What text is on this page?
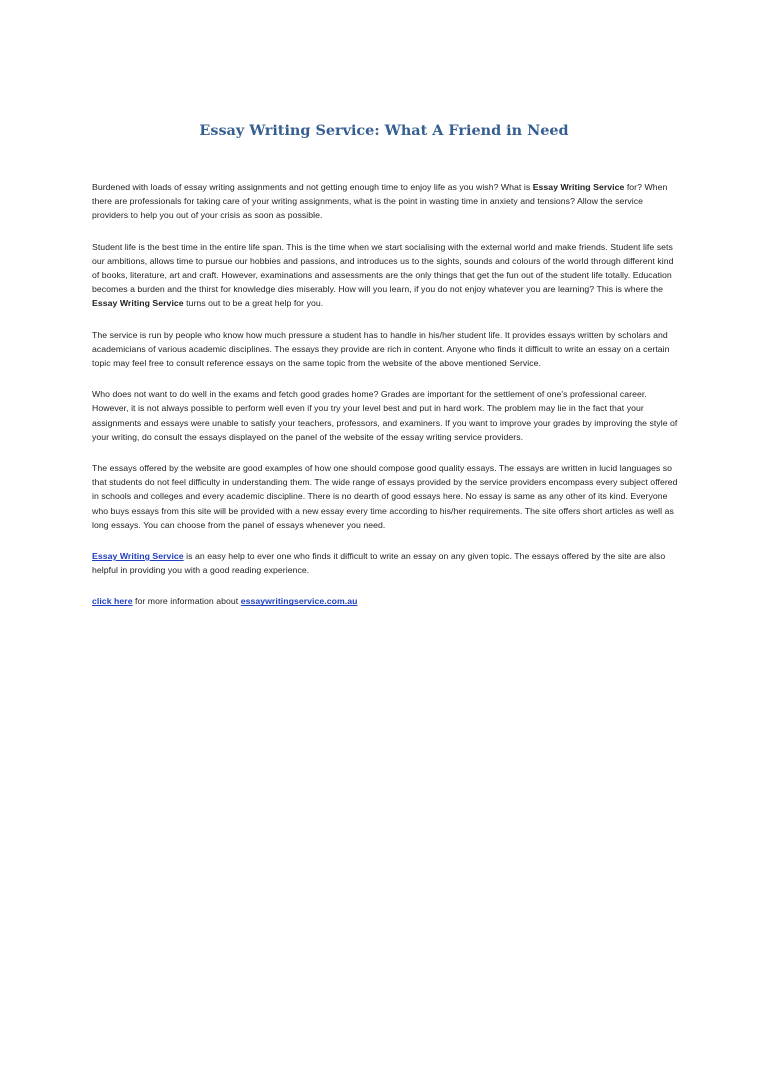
Essay Writing Service: What A Friend in Need

Burdened with loads of essay writing assignments and not getting enough time to enjoy life as you wish? What is Essay Writing Service for? When there are professionals for taking care of your writing assignments, what is the point in wasting time in anxiety and tensions? Allow the service providers to help you out of your crisis as soon as possible.

Student life is the best time in the entire life span. This is the time when we start socialising with the external world and make friends. Student life sets our ambitions, allows time to pursue our hobbies and passions, and introduces us to the sights, sounds and colours of the world through different kind of books, literature, art and craft. However, examinations and assessments are the only things that get the fun out of the student life totally. Education becomes a burden and the thirst for knowledge dies miserably. How will you learn, if you do not enjoy whatever you are learning? This is where the Essay Writing Service turns out to be a great help for you.

The service is run by people who know how much pressure a student has to handle in his/her student life. It provides essays written by scholars and academicians of various academic disciplines. The essays they provide are rich in content. Anyone who finds it difficult to write an essay on a certain topic may feel free to consult reference essays on the same topic from the website of the above mentioned Service.

Who does not want to do well in the exams and fetch good grades home? Grades are important for the settlement of one's professional career. However, it is not always possible to perform well even if you try your level best and put in hard work. The problem may lie in the fact that your assignments and essays were unable to satisfy your teachers, professors, and examiners. If you want to improve your grades by improving the style of your writing, do consult the essays displayed on the panel of the website of the essay writing service providers.

The essays offered by the website are good examples of how one should compose good quality essays. The essays are written in lucid languages so that students do not feel difficulty in understanding them. The wide range of essays provided by the service providers encompass every subject offered in schools and colleges and every academic discipline. There is no dearth of good essays here. No essay is same as any other of its kind. Everyone who buys essays from this site will be provided with a new essay every time according to his/her requirements. The site offers short articles as well as long essays. You can choose from the panel of essays whenever you need.

Essay Writing Service is an easy help to ever one who finds it difficult to write an essay on any given topic. The essays offered by the site are also helpful in providing you with a good reading experience.

click here for more information about essaywritingservice.com.au
